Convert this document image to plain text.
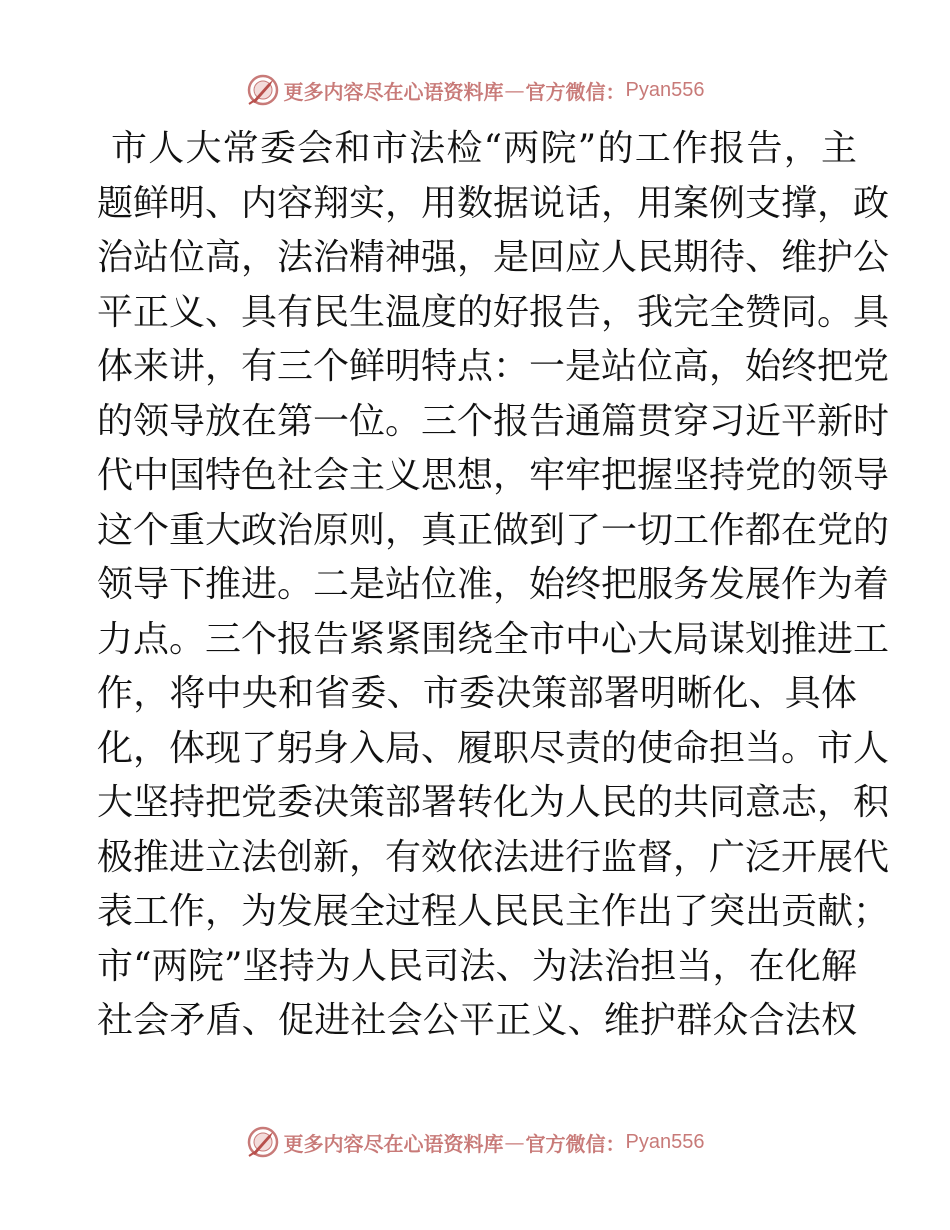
更多内容尽在心语资料库 — 官方微信： Pyan556
市人大常委会和市法检“两院”的工作报告，主
题鲜明、内容翔实，用数据说话，用案例支撑，政
治站位高，法治精神强，是回应人民期待、维护公
平正义、具有民生温度的好报告，我完全赞同。具
体来讲，有三个鲜明特点：一是站位高，始终把党
的领导放在第一位。三个报告通篇贯穿习近平新时
代中国特色社会主义思想，牢牢把握坚持党的领导
这个重大政治原则，真正做到了一切工作都在党的
领导下推进。二是站位准，始终把服务发展作为着
力点。三个报告紧紧围绕全市中心大局谋划推进工
作，将中央和省委、市委决策部署明晰化、具体
化，体现了躬身入局、履职尽责的使命担当。市人
大坚持把党委决策部署转化为人民的共同意志，积
极推进立法创新，有效依法进行监督，广泛开展代
表工作，为发展全过程人民民主作出了突出贡献；
市“两院”坚持为人民司法、为法治担当，在化解
社会矛盾、促进社会公平正义、维护群众合法权
更多内容尽在心语资料库 — 官方微信： Pyan556
